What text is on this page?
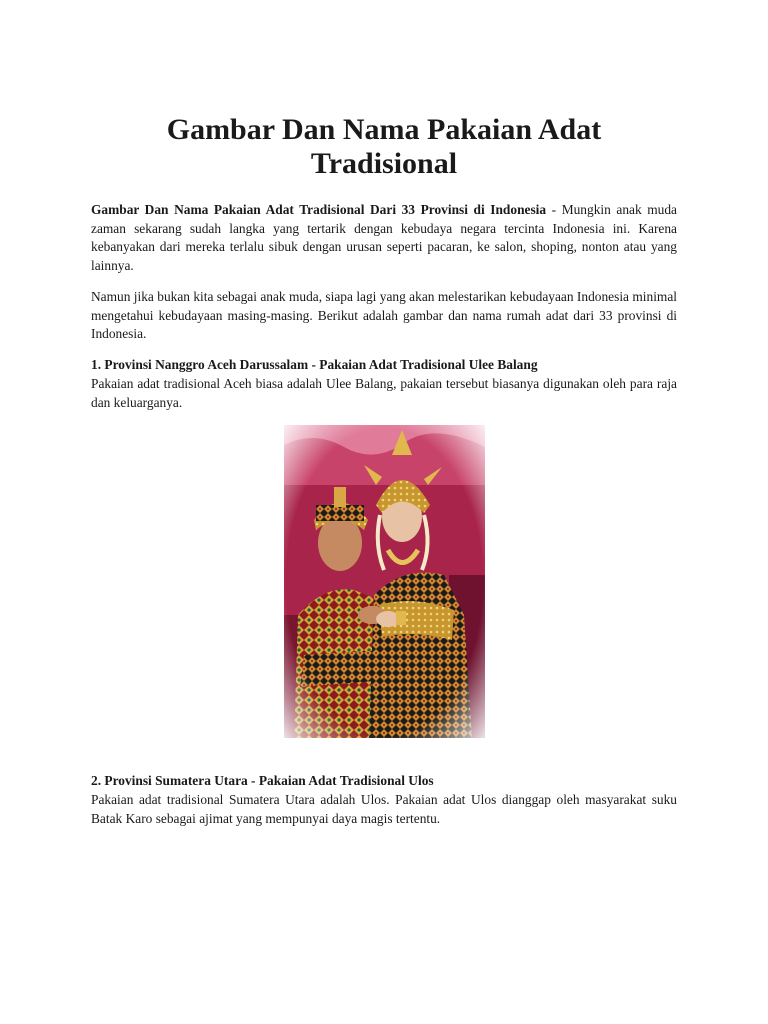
Gambar Dan Nama Pakaian Adat
Tradisional

Gambar Dan Nama Pakaian Adat Tradisional Dari 33 Provinsi di Indonesia - Mungkin anak muda zaman sekarang sudah langka yang tertarik dengan kebudaya negara tercinta Indonesia ini. Karena kebanyakan dari mereka terlalu sibuk dengan urusan seperti pacaran, ke salon, shoping, nonton atau yang lainnya.

Namun jika bukan kita sebagai anak muda, siapa lagi yang akan melestarikan kebudayaan Indonesia minimal mengetahui kebudayaan masing-masing. Berikut adalah gambar dan nama rumah adat dari 33 provinsi di Indonesia.

1. Provinsi Nanggro Aceh Darussalam - Pakaian Adat Tradisional Ulee Balang

Pakaian adat tradisional Aceh biasa adalah Ulee Balang, pakaian tersebut biasanya digunakan oleh para raja dan keluarganya.

2. Provinsi Sumatera Utara - Pakaian Adat Tradisional Ulos

Pakaian adat tradisional Sumatera Utara adalah Ulos. Pakaian adat Ulos dianggap oleh masyarakat suku Batak Karo sebagai ajimat yang mempunyai daya magis tertentu.
